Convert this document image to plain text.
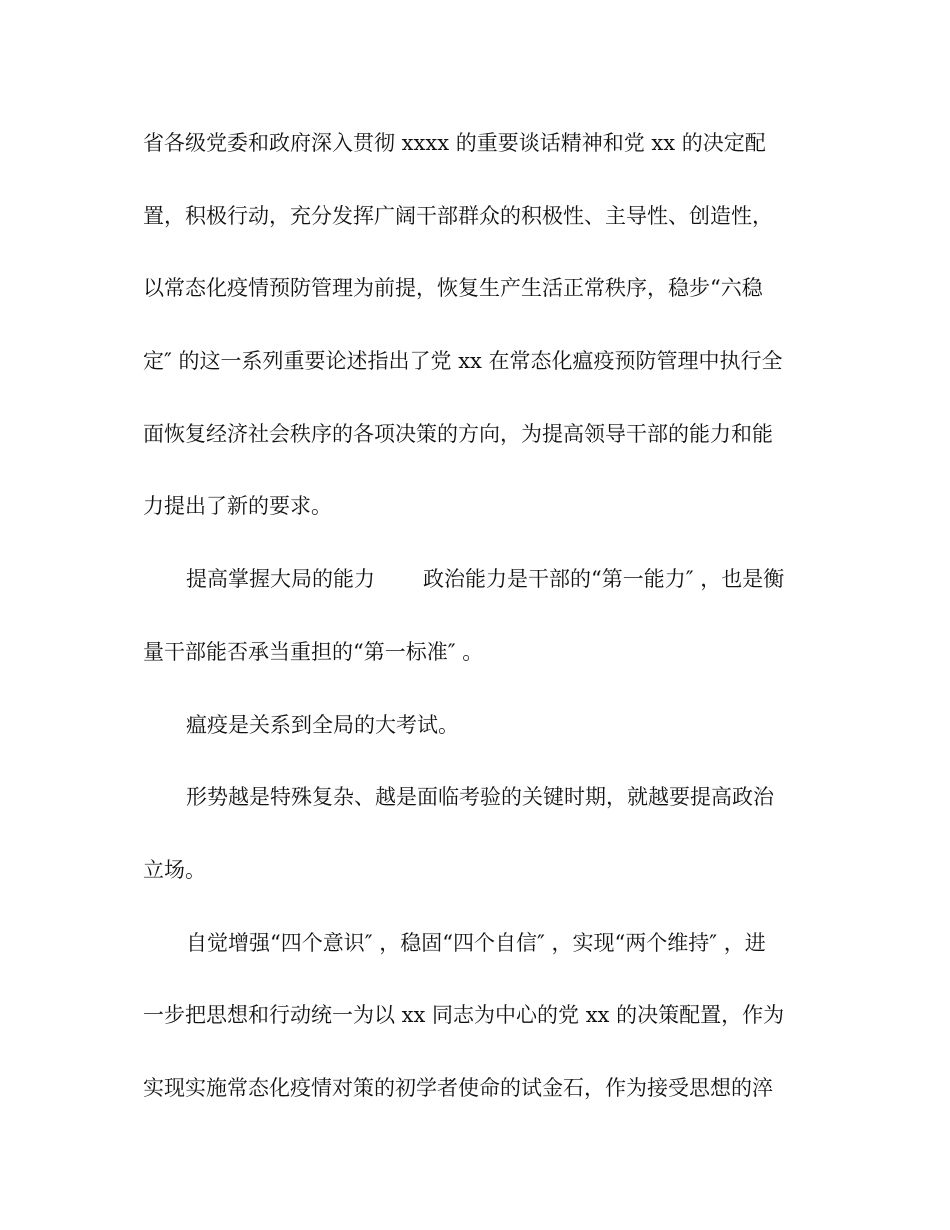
省各级党委和政府深入贯彻 xxxx 的重要谈话精神和党 xx 的决定配
置，积极行动，充分发挥广阔干部群众的积极性、主导性、创造性，
以常态化疫情预防管理为前提，恢复生产生活正常秩序，稳步“六稳
定″ 的这一系列重要论述指出了党 xx 在常态化瘟疫预防管理中执行全
面恢复经济社会秩序的各项决策的方向，为提高领导干部的能力和能
力提出了新的要求。
提高掌握大局的能力 政治能力是干部的“第一能力″ ，也是衡
量干部能否承当重担的“第一标准″ 。
瘟疫是关系到全局的大考试。
形势越是特殊复杂、越是面临考验的关键时期，就越要提高政治
立场。
自觉增强“四个意识″ ，稳固“四个自信″ ，实现“两个维持″ ，进
一步把思想和行动统一为以 xx 同志为中心的党 xx 的决策配置，作为
实现实施常态化疫情对策的初学者使命的试金石，作为接受思想的淬
